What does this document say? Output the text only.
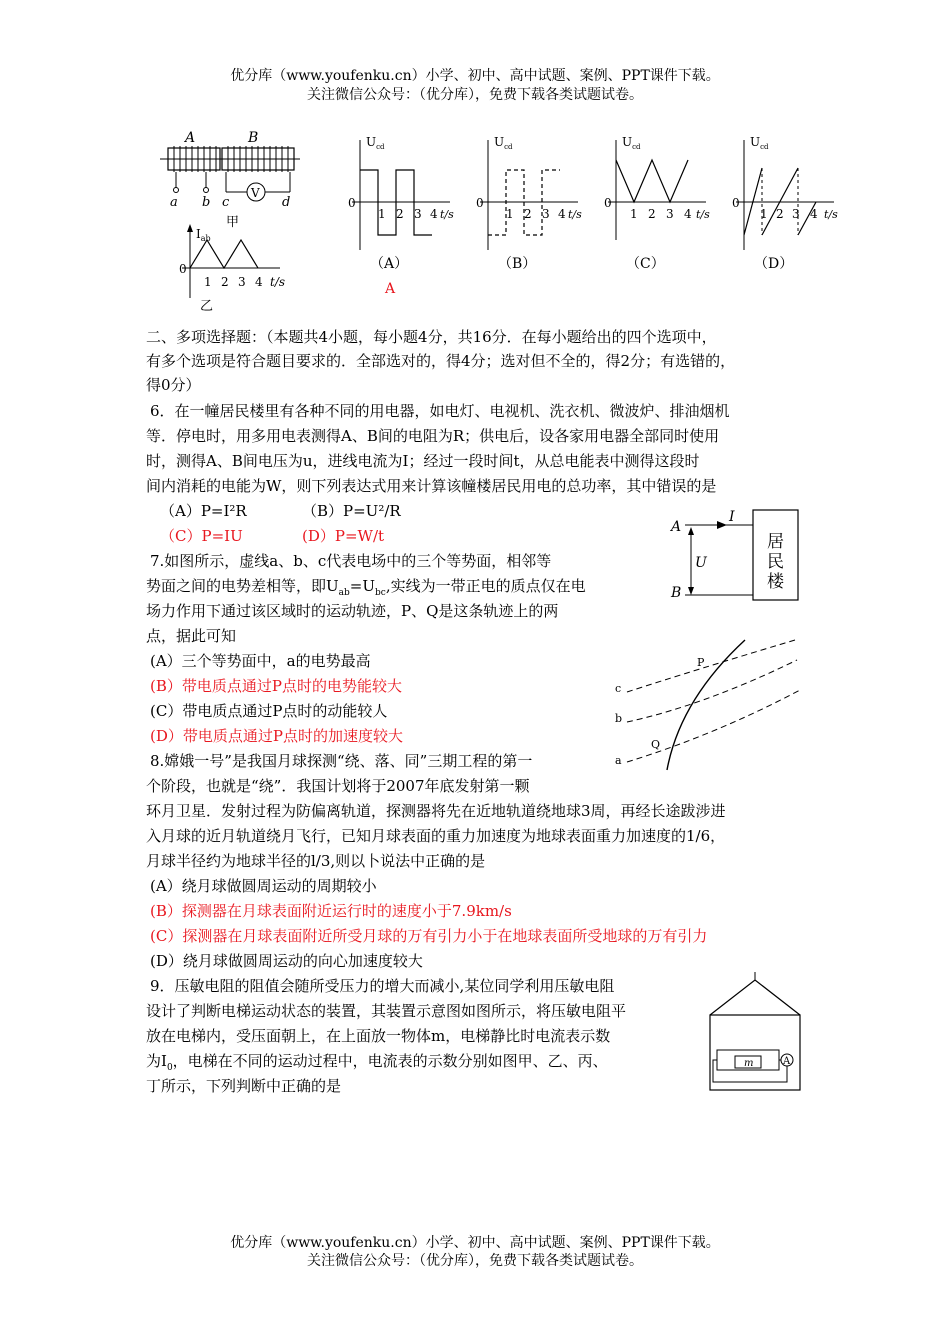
优分库（www.youfenku.cn）小学、初中、高中试题、案例、PPT课件下载。
关注微信公众号：（优分库），免费下载各类试题试卷。
A	B
V
a b c	d
甲
$I_{ab}$
0
1 2 3 4 t/s
乙
$U_{cd}$
0
1 2 3 4 t/s
（A）
$U_{cd}$
0
1 2 3 4 t/s
（B）
$U_{cd}$
0
1 2 3 4 t/s
（C）
$U_{cd}$
0
1 2 3 4 t/s
（D）
A
二、多项选择题：（本题共4小题，每小题4分，共16分．在每小题给出的四个选项中，
有多个选项是符合题目要求的．全部选对的，得4分；选对但不全的，得2分；有选错的，
得0分）
6．在一幢居民楼里有各种不同的用电器，如电灯、电视机、洗衣机、微波炉、排油烟机
等．停电时，用多用电表测得A、B间的电阻为R；供电后，设各家用电器全部同时使用
时，测得A、B间电压为u，进线电流为I；经过一段时间t，从总电能表中测得这段时
间内消耗的电能为W，则下列表达式用来计算该幢楼居民用电的总功率，其中错误的是
（A）P=I²R	（B）P=U²/R
（C）P=IU	(D）P=W/t	A
B
I
U
居
民
楼
7.如图所示，虚线a、b、c代表电场中的三个等势面，相邻等
势面之间的电势差相等，即$U_{ab}=U_{bc}$,实线为一带正电的质点仅在电
场力作用下通过该区域时的运动轨迹，P、Q是这条轨迹上的两
点，据此可知
(A）三个等势面中，a的电势最高
(B）带电质点通过P点时的电势能较大
(C）带电质点通过P点时的动能较人
(D）带电质点通过P点时的加速度较大
c
b
a
P
Q
8.嫦娥一号”是我国月球探测“绕、落、同”三期工程的第一
个阶段，也就是“绕”．我国计划将于2007年底发射第一颗
环月卫星．发射过程为防偏离轨道，探测器将先在近地轨道绕地球3周，再经长途跋涉进
入月球的近月轨道绕月飞行，已知月球表面的重力加速度为地球表面重力加速度的1/6，
月球半径约为地球半径的l/3,则以卜说法中正确的是
(A）绕月球做圆周运动的周期较小
(B）探测器在月球表面附近运行时的速度小于7.9km/s
(C）探测器在月球表面附近所受月球的万有引力小于在地球表面所受地球的万有引力
(D）绕月球做圆周运动的向心加速度较大
9．压敏电阻的阻值会随所受压力的增大而减小,某位同学利用压敏电阻
设计了判断电梯运动状态的装置，其装置示意图如图所示，将压敏电阻平
放在电梯内，受压面朝上，在上面放一物体m，电梯静比时电流表示数
为$I_0$，电梯在不同的运动过程中，电流表的示数分别如图甲、乙、丙、
丁所示，下列判断中正确的是
m	A
优分库（www.youfenku.cn）小学、初中、高中试题、案例、PPT课件下载。
关注微信公众号：（优分库），免费下载各类试题试卷。
